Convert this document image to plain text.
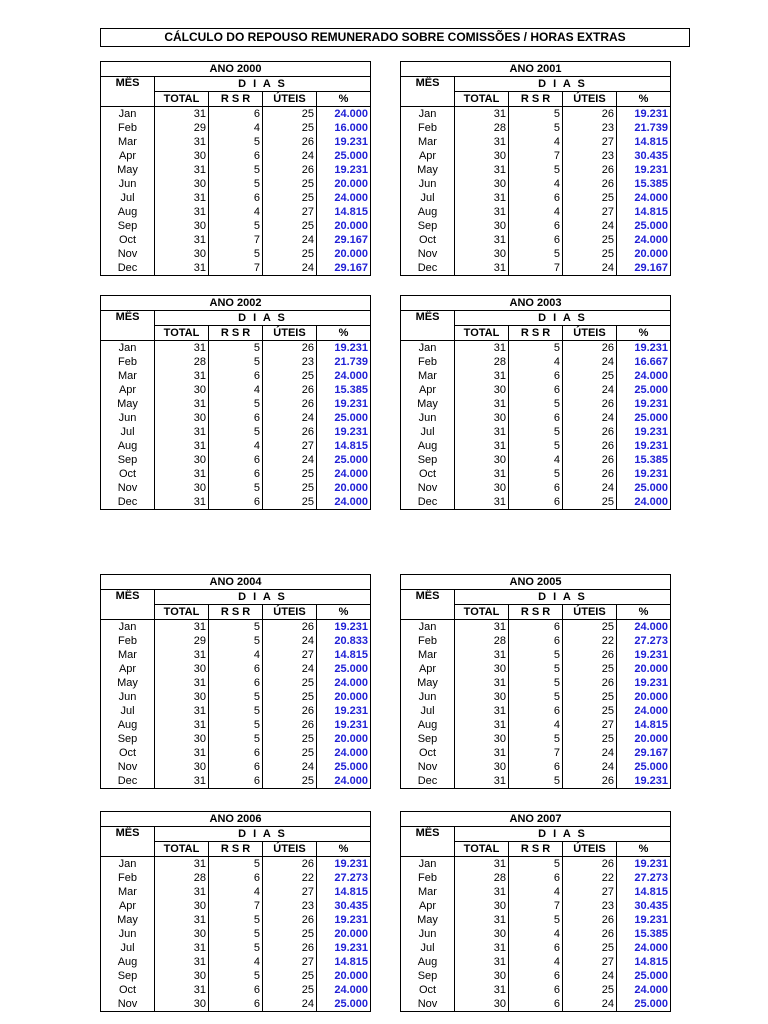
CÁLCULO DO REPOUSO REMUNERADO SOBRE COMISSÕES / HORAS EXTRAS
ANO 2000				
MÊS	D I A S			
	TOTAL	R S R	ÚTEIS	%
Jan	31	6	25	24.000
Feb	29	4	25	16.000
Mar	31	5	26	19.231
Apr	30	6	24	25.000
May	31	5	26	19.231
Jun	30	5	25	20.000
Jul	31	6	25	24.000
Aug	31	4	27	14.815
Sep	30	5	25	20.000
Oct	31	7	24	29.167
Nov	30	5	25	20.000
Dec	31	7	24	29.167
ANO 2001				
MÊS	D I A S			
	TOTAL	R S R	ÚTEIS	%
Jan	31	5	26	19.231
Feb	28	5	23	21.739
Mar	31	4	27	14.815
Apr	30	7	23	30.435
May	31	5	26	19.231
Jun	30	4	26	15.385
Jul	31	6	25	24.000
Aug	31	4	27	14.815
Sep	30	6	24	25.000
Oct	31	6	25	24.000
Nov	30	5	25	20.000
Dec	31	7	24	29.167
ANO 2002				
MÊS	D I A S			
	TOTAL	R S R	ÚTEIS	%
Jan	31	5	26	19.231
Feb	28	5	23	21.739
Mar	31	6	25	24.000
Apr	30	4	26	15.385
May	31	5	26	19.231
Jun	30	6	24	25.000
Jul	31	5	26	19.231
Aug	31	4	27	14.815
Sep	30	6	24	25.000
Oct	31	6	25	24.000
Nov	30	5	25	20.000
Dec	31	6	25	24.000
ANO 2003				
MÊS	D I A S			
	TOTAL	R S R	ÚTEIS	%
Jan	31	5	26	19.231
Feb	28	4	24	16.667
Mar	31	6	25	24.000
Apr	30	6	24	25.000
May	31	5	26	19.231
Jun	30	6	24	25.000
Jul	31	5	26	19.231
Aug	31	5	26	19.231
Sep	30	4	26	15.385
Oct	31	5	26	19.231
Nov	30	6	24	25.000
Dec	31	6	25	24.000
ANO 2004				
MÊS	D I A S			
	TOTAL	R S R	ÚTEIS	%
Jan	31	5	26	19.231
Feb	29	5	24	20.833
Mar	31	4	27	14.815
Apr	30	6	24	25.000
May	31	6	25	24.000
Jun	30	5	25	20.000
Jul	31	5	26	19.231
Aug	31	5	26	19.231
Sep	30	5	25	20.000
Oct	31	6	25	24.000
Nov	30	6	24	25.000
Dec	31	6	25	24.000
ANO 2005				
MÊS	D I A S			
	TOTAL	R S R	ÚTEIS	%
Jan	31	6	25	24.000
Feb	28	6	22	27.273
Mar	31	5	26	19.231
Apr	30	5	25	20.000
May	31	5	26	19.231
Jun	30	5	25	20.000
Jul	31	6	25	24.000
Aug	31	4	27	14.815
Sep	30	5	25	20.000
Oct	31	7	24	29.167
Nov	30	6	24	25.000
Dec	31	5	26	19.231
ANO 2006				
MÊS	D I A S			
	TOTAL	R S R	ÚTEIS	%
Jan	31	5	26	19.231
Feb	28	6	22	27.273
Mar	31	4	27	14.815
Apr	30	7	23	30.435
May	31	5	26	19.231
Jun	30	5	25	20.000
Jul	31	5	26	19.231
Aug	31	4	27	14.815
Sep	30	5	25	20.000
Oct	31	6	25	24.000
Nov	30	6	24	25.000
ANO 2007				
MÊS	D I A S			
	TOTAL	R S R	ÚTEIS	%
Jan	31	5	26	19.231
Feb	28	6	22	27.273
Mar	31	4	27	14.815
Apr	30	7	23	30.435
May	31	5	26	19.231
Jun	30	4	26	15.385
Jul	31	6	25	24.000
Aug	31	4	27	14.815
Sep	30	6	24	25.000
Oct	31	6	25	24.000
Nov	30	6	24	25.000
